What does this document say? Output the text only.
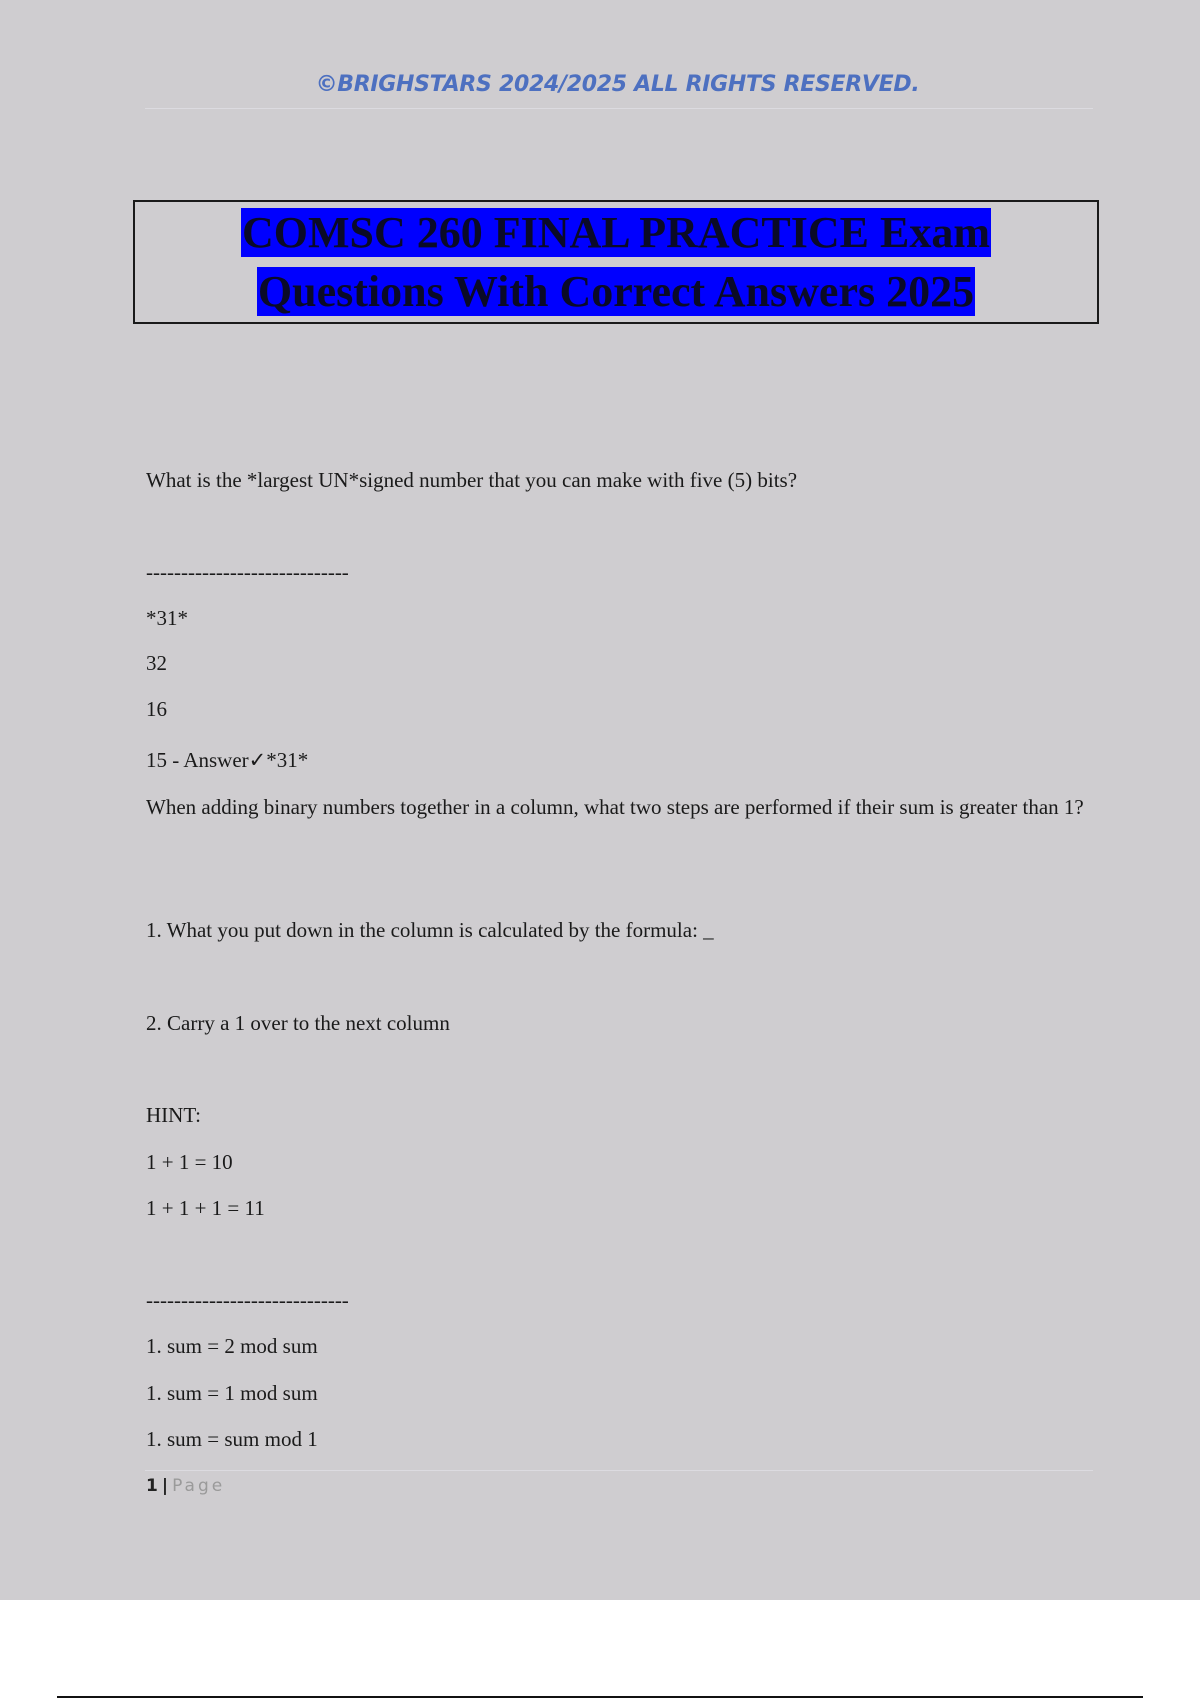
©BRIGHSTARS 2024/2025 ALL RIGHTS RESERVED.
COMSC 260 FINAL PRACTICE Exam
Questions With Correct Answers 2025
What is the *largest UN*signed number that you can make with five (5) bits?
-----------------------------
*31*
32
16
15 - Answer✓*31*
When adding binary numbers together in a column, what two steps are performed if their sum is greater than 1?
1. What you put down in the column is calculated by the formula: _
2. Carry a 1 over to the next column
HINT:
1 + 1 = 10
1 + 1 + 1 = 11
-----------------------------
1. sum = 2 mod sum
1. sum = 1 mod sum
1. sum = sum mod 1
1 | Page
